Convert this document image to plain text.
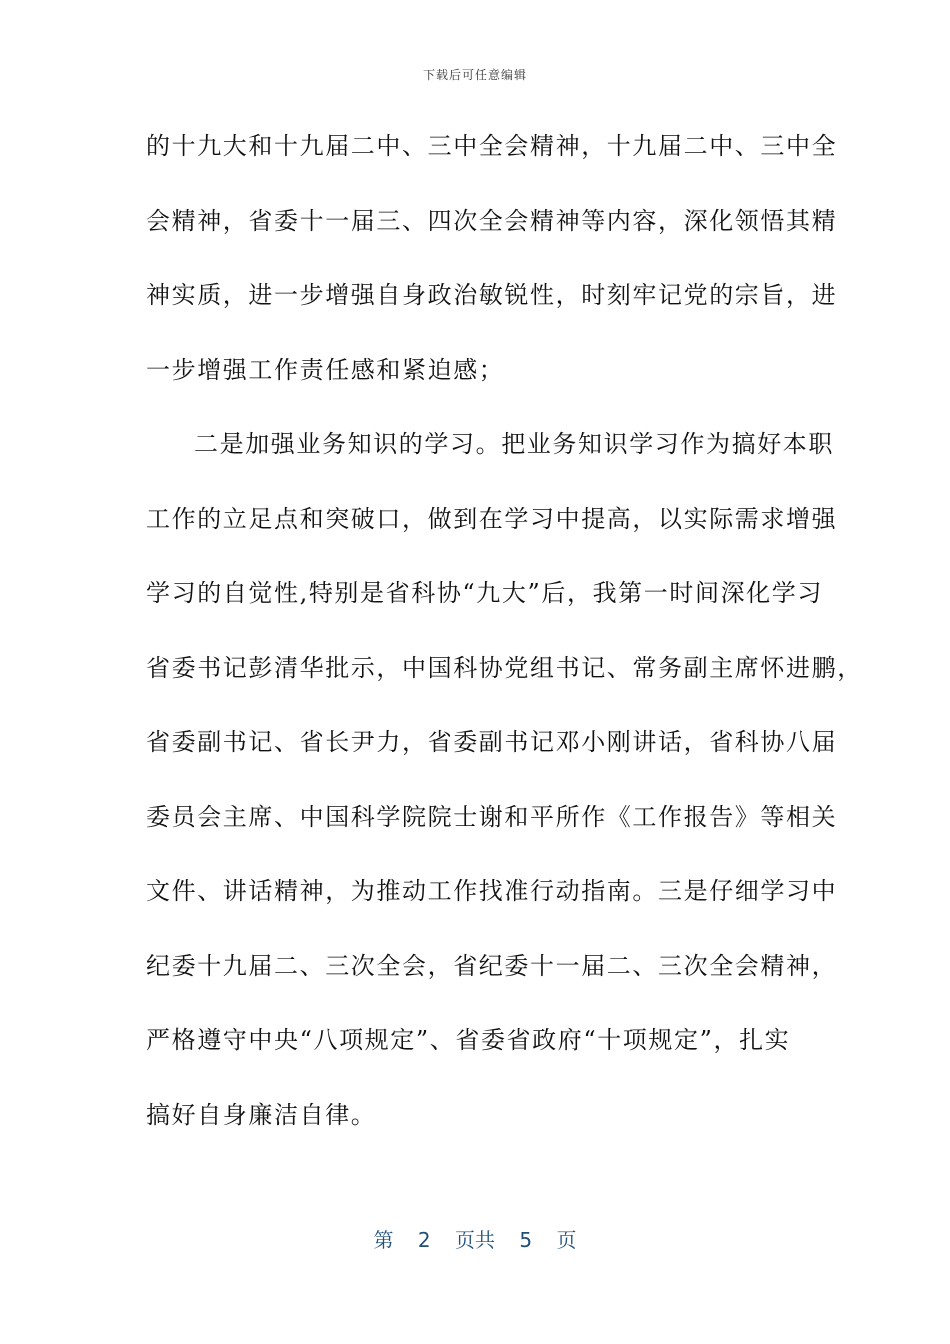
下载后可任意编辑
的十九大和十九届二中、三中全会精神，十九届二中、三中全
会精神，省委十一届三、四次全会精神等内容，深化领悟其精
神实质，进一步增强自身政治敏锐性，时刻牢记党的宗旨，进
一步增强工作责任感和紧迫感；
二是加强业务知识的学习。把业务知识学习作为搞好本职
工作的立足点和突破口，做到在学习中提高，以实际需求增强
学习的自觉性,特别是省科协“九大”后，我第一时间深化学习
省委书记彭清华批示，中国科协党组书记、常务副主席怀进鹏，
省委副书记、省长尹力，省委副书记邓小刚讲话，省科协八届
委员会主席、中国科学院院士谢和平所作《工作报告》等相关
文件、讲话精神，为推动工作找准行动指南。三是仔细学习中
纪委十九届二、三次全会，省纪委十一届二、三次全会精神，
严格遵守中央“八项规定”、省委省政府“十项规定”，扎实
搞好自身廉洁自律。
第 2 页共 5 页
